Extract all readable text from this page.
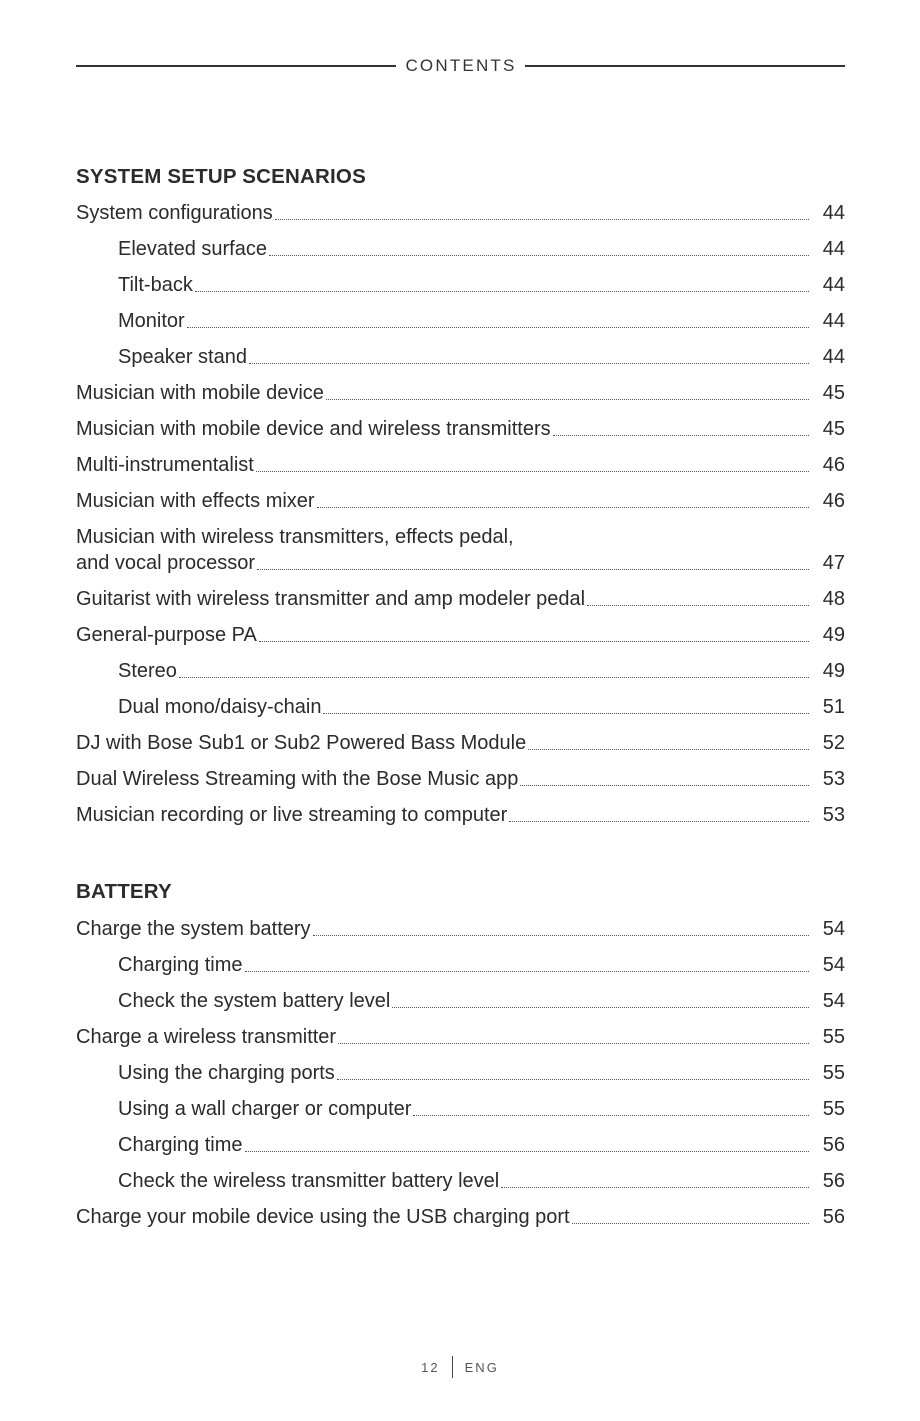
CONTENTS
SYSTEM SETUP SCENARIOS
System configurations	44
Elevated surface	44
Tilt-back	44
Monitor	44
Speaker stand	44
Musician with mobile device	45
Musician with mobile device and wireless transmitters	45
Multi-instrumentalist	46
Musician with effects mixer	46
Musician with wireless transmitters, effects pedal,
and vocal processor	47
Guitarist with wireless transmitter and amp modeler pedal	48
General-purpose PA	49
Stereo	49
Dual mono/daisy-chain	51
DJ with Bose Sub1 or Sub2 Powered Bass Module	52
Dual Wireless Streaming with the Bose Music app	53
Musician recording or live streaming to computer	53
BATTERY
Charge the system battery	54
Charging time	54
Check the system battery level	54
Charge a wireless transmitter	55
Using the charging ports	55
Using a wall charger or computer	55
Charging time	56
Check the wireless transmitter battery level	56
Charge your mobile device using the USB charging port	56
12 ENG
